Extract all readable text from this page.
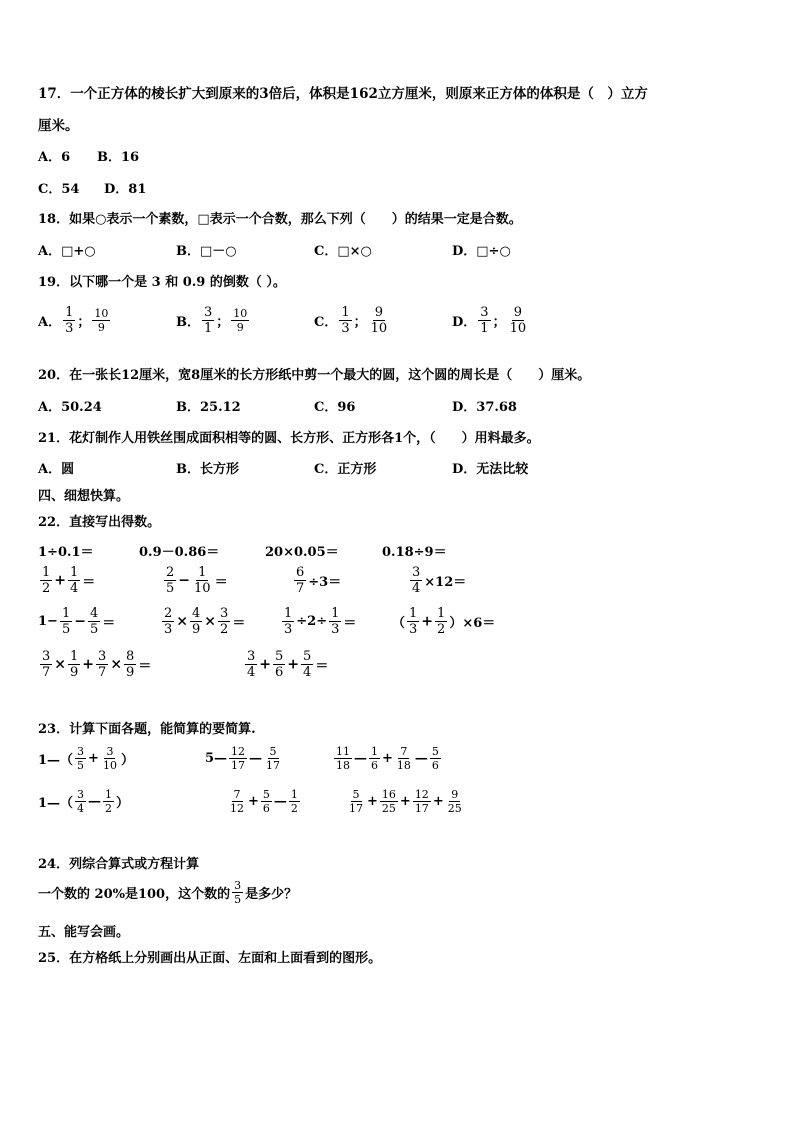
17．一个正方体的棱长扩大到原来的3倍后，体积是162立方厘米，则原来正方体的体积是（　）立方
厘米。
A．6 B．16
C．54 D．81
18．如果○表示一个素数，□表示一个合数，那么下列（　　）的结果一定是合数。
A．□+○	B．□－○	C．□×○	D．□÷○
19．以下哪一个是 3 和 0.9 的倒数（ ）。
A． $\frac{1}{3}$ ； $\frac{10}{9}$	B． $\frac{3}{1}$ ； $\frac{10}{9}$	C． $\frac{1}{3}$ ； $\frac{9}{10}$	D． $\frac{3}{1}$ ； $\frac{9}{10}$
20．在一张长12厘米，宽8厘米的长方形纸中剪一个最大的圆，这个圆的周长是（　　）厘米。
A．50.24	B．25.12	C．96	D．37.68
21．花灯制作人用铁丝围成面积相等的圆、长方形、正方形各1个，（　　）用料最多。
A．圆	B．长方形	C．正方形	D．无法比较
四、细想快算。
22．直接写出得数。
1÷0.1＝	0.9－0.86＝	20×0.05＝	0.18÷9＝
$\frac{1}{2} + \frac{1}{4}$ ＝	$\frac{2}{5} - \frac{1}{10}$ ＝	$\frac{6}{7} \div 3=$	$\frac{3}{4} \times 12=$
$1- \frac{1}{5} - \frac{4}{5}$ ＝	$\frac{2}{3} \times \frac{4}{9} \times \frac{3}{2}$ ＝	$\frac{1}{3} \div 2\div \frac{1}{3}$ ＝	（ $\frac{1}{3} + \frac{1}{2} )\times 6=$
$\frac{3}{7} \times \frac{1}{9} + \frac{3}{7} \times \frac{8}{9}$ ＝	$\frac{3}{4} + \frac{5}{6} + \frac{5}{4}$ ＝
23．计算下面各题，能简算的要简算.
1—（ $\frac{3}{5} + \frac{3}{10}$ ）	5— $\frac{12}{17}$ — $\frac{5}{17}$	$\frac{11}{18}$ — $\frac{1}{6} + \frac{7}{18}$ — $\frac{5}{6}$
1—（ $\frac{3}{4}$ — $\frac{1}{2}$ ）	$\frac{7}{12} + \frac{5}{6}$ — $\frac{1}{2}$	$\frac{5}{17} + \frac{16}{25} + \frac{12}{17} + \frac{9}{25}$
24．列综合算式或方程计算
一个数的 20%是100，这个数的 $\frac{3}{5}$ 是多少？
五、能写会画。
25．在方格纸上分别画出从正面、左面和上面看到的图形。
